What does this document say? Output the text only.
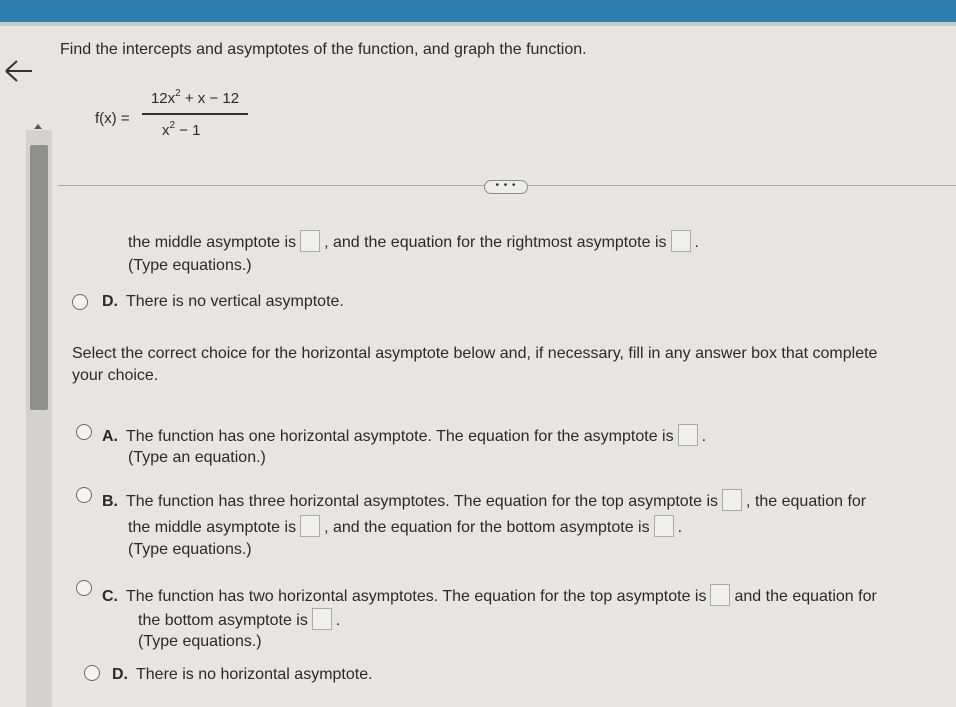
Find the intercepts and asymptotes of the function, and graph the function.
f(x) =
$12x^2 + x - 12$
$x^2 - 1$
• • •
the middle asymptote is , and the equation for the rightmost asymptote is .
(Type equations.)
D. There is no vertical asymptote.
Select the correct choice for the horizontal asymptote below and, if necessary, fill in any answer box that complete
your choice.
A. The function has one horizontal asymptote. The equation for the asymptote is .
(Type an equation.)
B. The function has three horizontal asymptotes. The equation for the top asymptote is , the equation for
the middle asymptote is , and the equation for the bottom asymptote is .
(Type equations.)
C. The function has two horizontal asymptotes. The equation for the top asymptote is and the equation for
the bottom asymptote is .
(Type equations.)
D. There is no horizontal asymptote.
